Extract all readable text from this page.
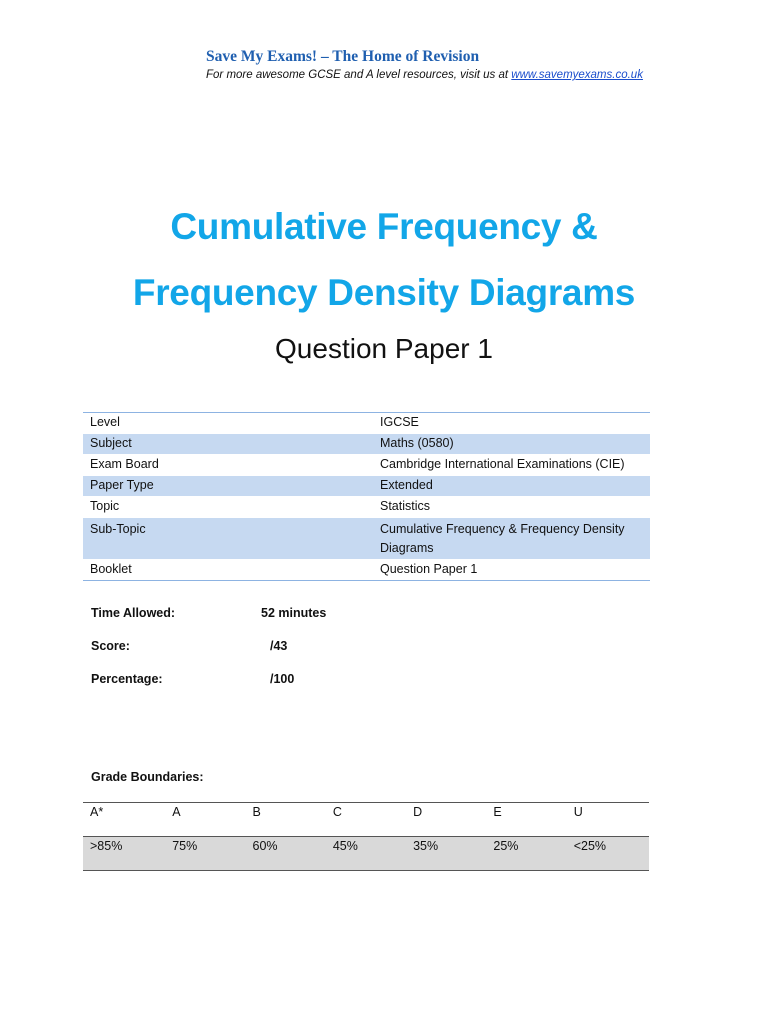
Save My Exams! – The Home of Revision
For more awesome GCSE and A level resources, visit us at www.savemyexams.co.uk
Cumulative Frequency &
Frequency Density Diagrams
Question Paper 1
Level	IGCSE
Subject	Maths (0580)
Exam Board	Cambridge International Examinations (CIE)
Paper Type	Extended
Topic	Statistics
Sub-Topic	Cumulative Frequency & Frequency Density Diagrams
Booklet	Question Paper 1
Time Allowed:	52 minutes
Score:	/43
Percentage:	/100
Grade Boundaries:
A*	A	B	C	D	E	U
>85%	75%	60%	45%	35%	25%	<25%
